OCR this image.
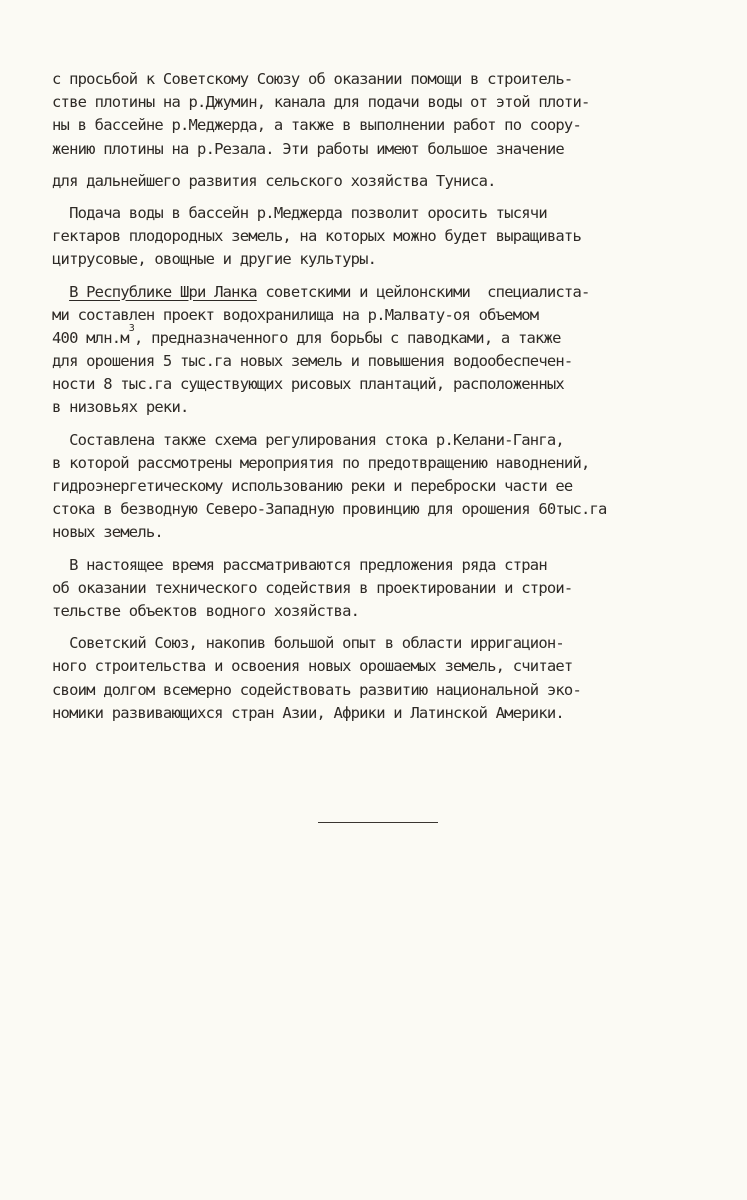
с просьбой к Советскому Союзу об оказании помощи в строитель-
стве плотины на р.Джумин, канала для подачи воды от этой плоти-
ны в бассейне р.Меджерда, а также в выполнении работ по соору-
жению плотины на р.Резала. Эти работы имеют большое значение
для дальнейшего развития сельского хозяйства Туниса.
Подача воды в бассейн р.Меджерда позволит оросить тысячи
гектаров плодородных земель, на которых можно будет выращивать
цитрусовые, овощные и другие культуры.
В Республике Шри Ланка советскими и цейлонскими  специалиста-
ми составлен проект водохранилища на р.Малвату-оя объемом
400 $млн.м^3$, предназначенного для борьбы с паводками, а также
для орошения 5 тыс.га новых земель и повышения водообеспечен-
ности 8 тыс.га существующих рисовых плантаций, расположенных
в низовьях реки.
Составлена также схема регулирования стока р.Келани-Ганга,
в которой рассмотрены мероприятия по предотвращению наводнений,
гидроэнергетическому использованию реки и переброски части ее
стока в безводную Северо-Западную провинцию для орошения 60тыс.га
новых земель.
В настоящее время рассматриваются предложения ряда стран
об оказании технического содействия в проектировании и строи-
тельстве объектов водного хозяйства.
Советский Союз, накопив большой опыт в области ирригацион-
ного строительства и освоения новых орошаемых земель, считает
своим долгом всемерно содействовать развитию национальной эко-
номики развивающихся стран Азии, Африки и Латинской Америки.
